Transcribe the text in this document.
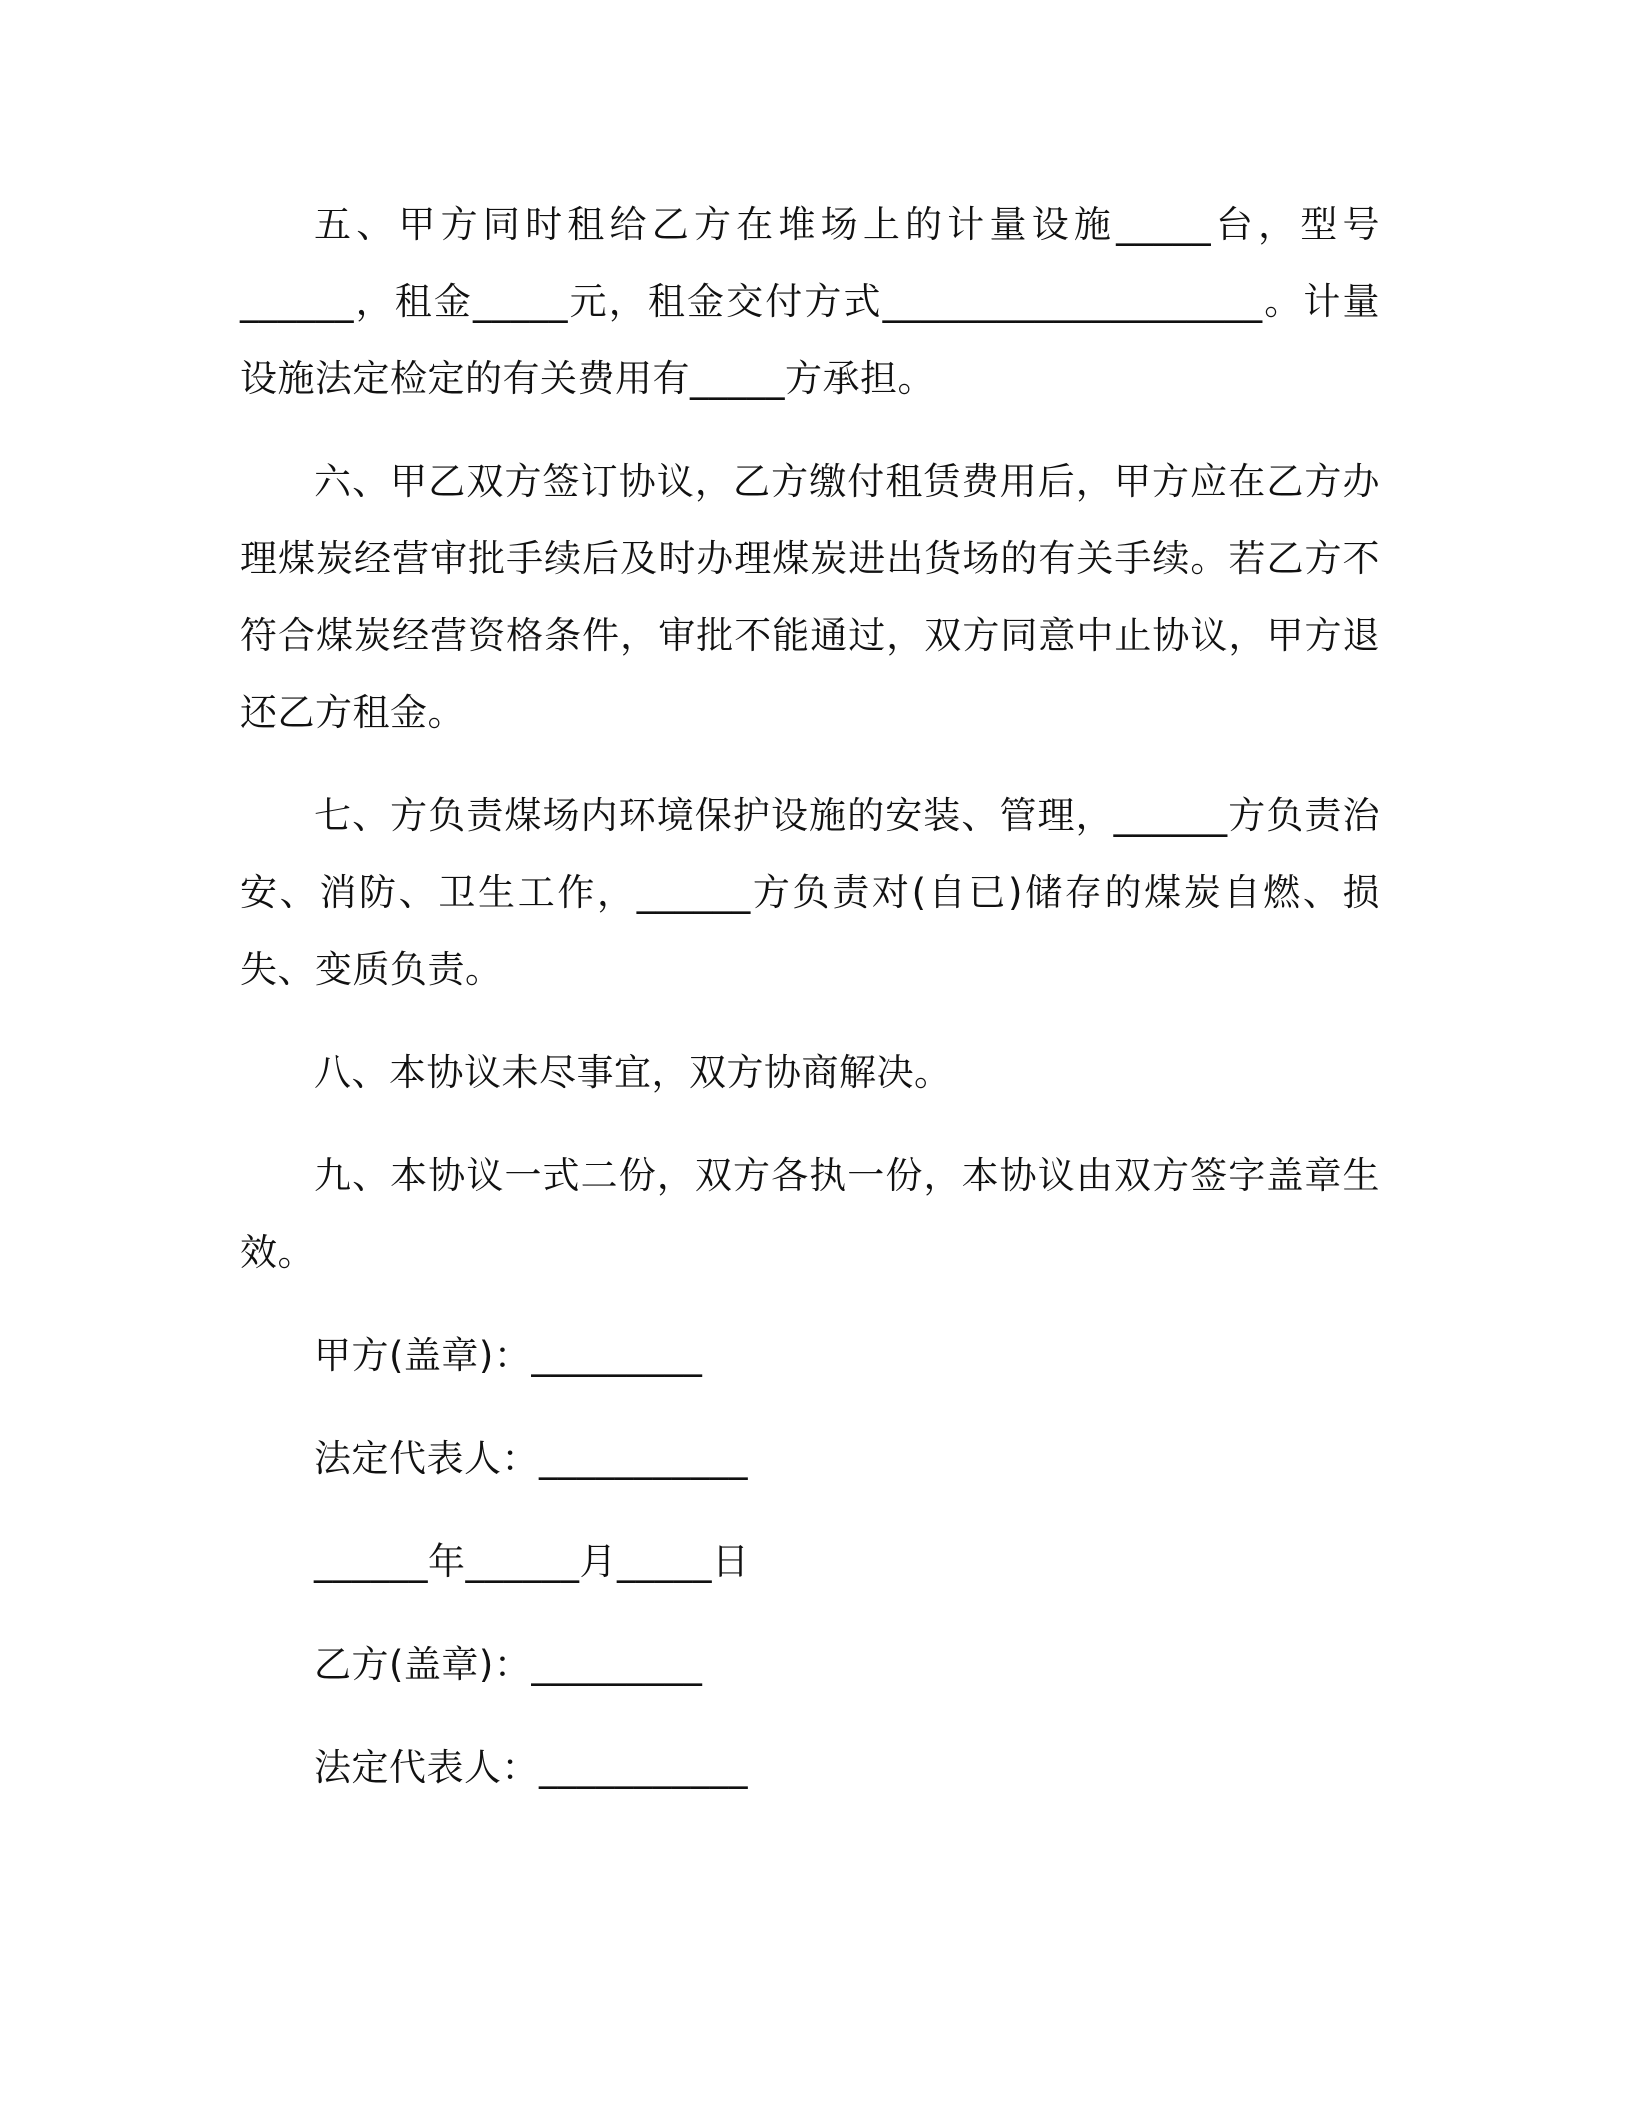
五、甲方同时租给乙方在堆场上的计量设施_____台，型号______，租金_____元，租金交付方式____________________。计量设施法定检定的有关费用有_____方承担。

六、甲乙双方签订协议，乙方缴付租赁费用后，甲方应在乙方办理煤炭经营审批手续后及时办理煤炭进出货场的有关手续。若乙方不符合煤炭经营资格条件，审批不能通过，双方同意中止协议，甲方退还乙方租金。

七、方负责煤场内环境保护设施的安装、管理，______方负责治安、消防、卫生工作，______方负责对(自已)储存的煤炭自燃、损失、变质负责。

八、本协议未尽事宜，双方协商解决。

九、本协议一式二份，双方各执一份，本协议由双方签字盖章生效。

甲方(盖章)：_________

法定代表人：___________

______年______月_____日

乙方(盖章)：_________

法定代表人：___________
